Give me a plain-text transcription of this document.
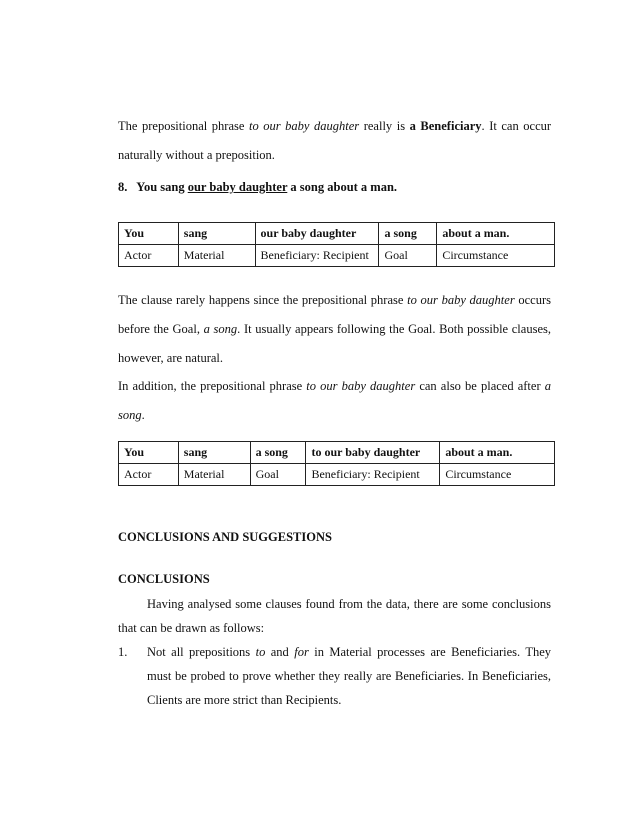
The prepositional phrase to our baby daughter really is a Beneficiary. It can occur naturally without a preposition.

8. You sang our baby daughter a song about a man.

You	sang	our baby daughter	a song	about a man.
Actor	Material	Beneficiary: Recipient	Goal	Circumstance

The clause rarely happens since the prepositional phrase to our baby daughter occurs before the Goal, a song. It usually appears following the Goal. Both possible clauses, however, are natural.

In addition, the prepositional phrase to our baby daughter can also be placed after a song.

You	sang	a song	to our baby daughter	about a man.
Actor	Material	Goal	Beneficiary: Recipient	Circumstance

CONCLUSIONS AND SUGGESTIONS

CONCLUSIONS

Having analysed some clauses found from the data, there are some conclusions that can be drawn as follows:

1. Not all prepositions to and for in Material processes are Beneficiaries. They must be probed to prove whether they really are Beneficiaries. In Beneficiaries, Clients are more strict than Recipients.
